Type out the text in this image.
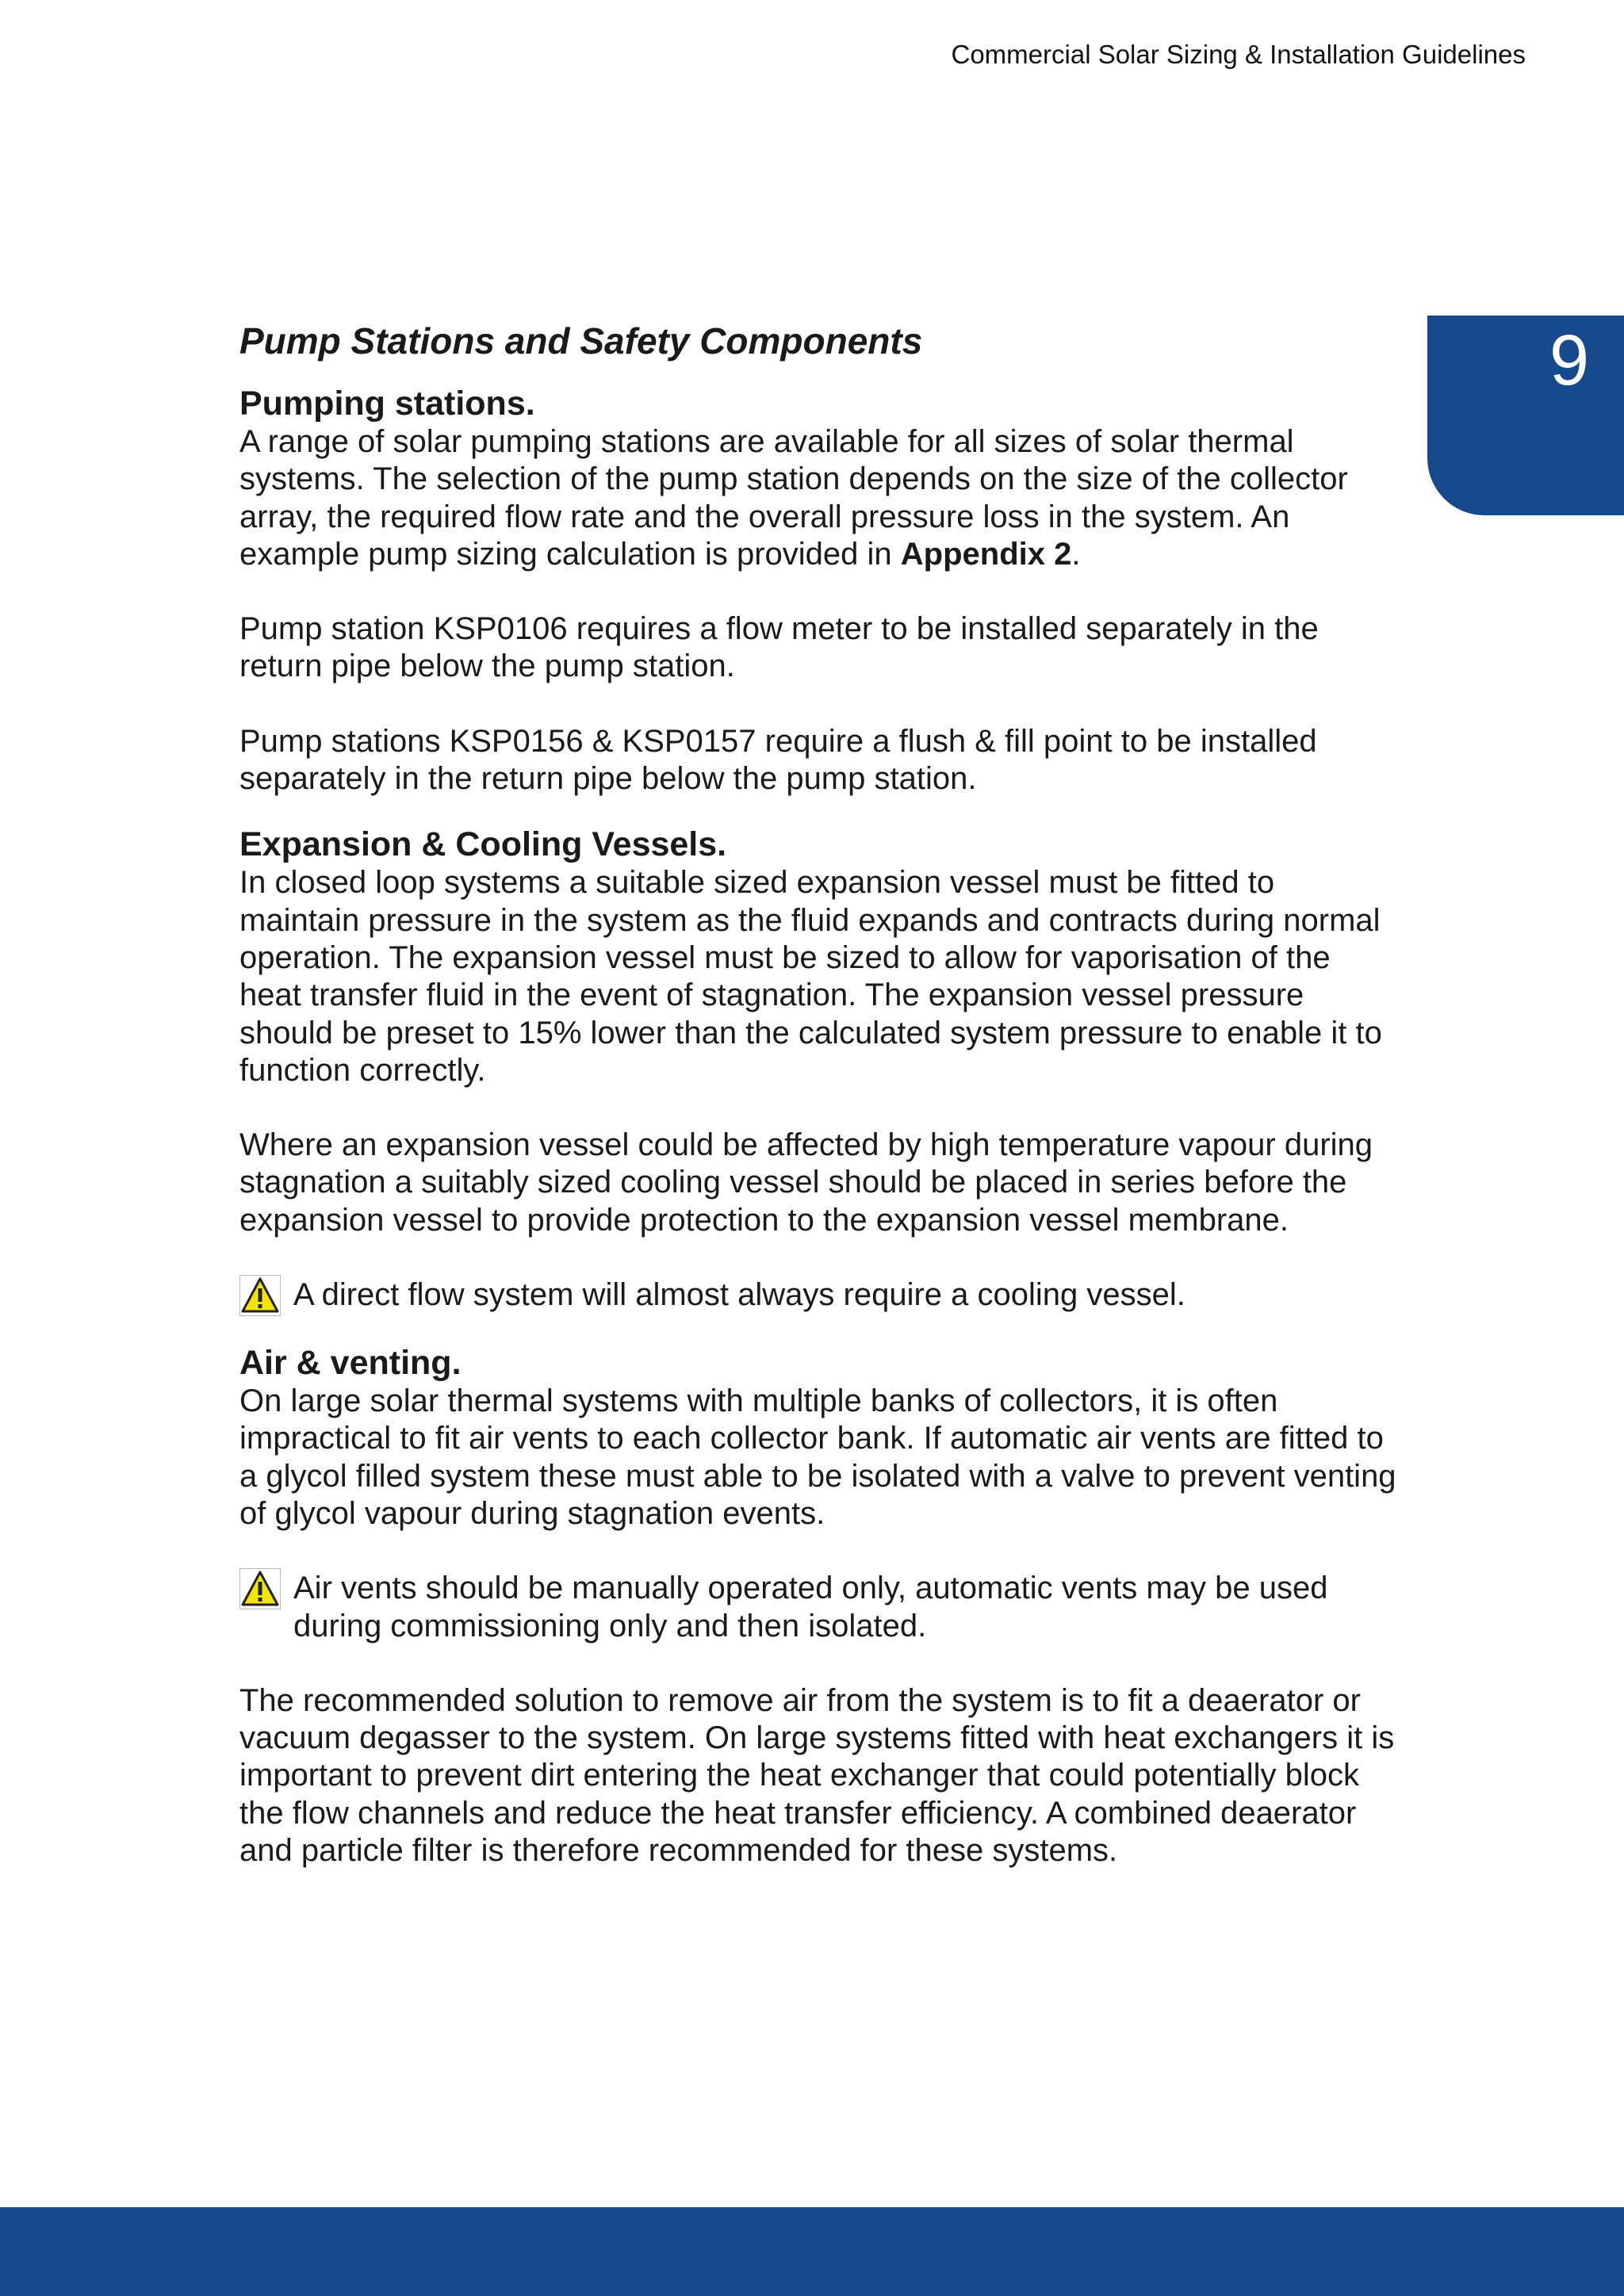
Commercial Solar Sizing & Installation Guidelines
9
Pump Stations and Safety Components
Pumping stations.

A range of solar pumping stations are available for all sizes of solar thermal systems. The selection of the pump station depends on the size of the collector array, the required flow rate and the overall pressure loss in the system. An example pump sizing calculation is provided in Appendix 2.

Pump station KSP0106 requires a flow meter to be installed separately in the return pipe below the pump station.

Pump stations KSP0156 & KSP0157 require a flush & fill point to be installed separately in the return pipe below the pump station.

Expansion & Cooling Vessels.

In closed loop systems a suitable sized expansion vessel must be fitted to maintain pressure in the system as the fluid expands and contracts during normal operation. The expansion vessel must be sized to allow for vaporisation of the heat transfer fluid in the event of stagnation. The expansion vessel pressure should be preset to 15% lower than the calculated system pressure to enable it to function correctly.

Where an expansion vessel could be affected by high temperature vapour during stagnation a suitably sized cooling vessel should be placed in series before the expansion vessel to provide protection to the expansion vessel membrane.

A direct flow system will almost always require a cooling vessel.
Air & venting.

On large solar thermal systems with multiple banks of collectors, it is often impractical to fit air vents to each collector bank. If automatic air vents are fitted to a glycol filled system these must able to be isolated with a valve to prevent venting of glycol vapour during stagnation events.

Air vents should be manually operated only, automatic vents may be used during commissioning only and then isolated.

The recommended solution to remove air from the system is to fit a deaerator or vacuum degasser to the system. On large systems fitted with heat exchangers it is important to prevent dirt entering the heat exchanger that could potentially block the flow channels and reduce the heat transfer efficiency. A combined deaerator and particle filter is therefore recommended for these systems.
